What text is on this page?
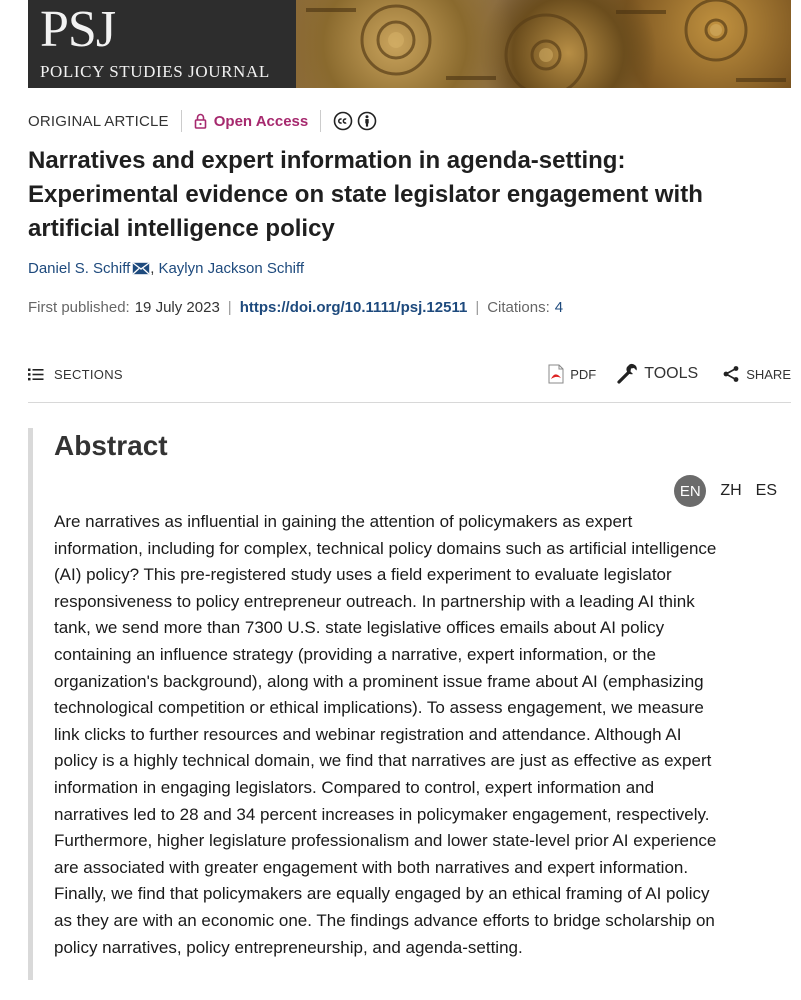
PSJ
POLICY STUDIES JOURNAL
ORIGINAL ARTICLE	Open Access
Narratives and expert information in agenda-setting: Experimental evidence on state legislator engagement with artificial intelligence policy
Daniel S. Schiff , Kaylyn Jackson Schiff
First published: 19 July 2023 | https://doi.org/10.1111/psj.12511 | Citations: 4
SECTIONS	PDF	TOOLS	SHARE
Abstract
EN	ZH ES
Are narratives as influential in gaining the attention of policymakers as expert
information, including for complex, technical policy domains such as artificial intelligence
(AI) policy? This pre-registered study uses a field experiment to evaluate legislator
responsiveness to policy entrepreneur outreach. In partnership with a leading AI think
tank, we send more than 7300 U.S. state legislative offices emails about AI policy
containing an influence strategy (providing a narrative, expert information, or the
organization's background), along with a prominent issue frame about AI (emphasizing
technological competition or ethical implications). To assess engagement, we measure
link clicks to further resources and webinar registration and attendance. Although AI
policy is a highly technical domain, we find that narratives are just as effective as expert
information in engaging legislators. Compared to control, expert information and
narratives led to 28 and 34 percent increases in policymaker engagement, respectively.
Furthermore, higher legislature professionalism and lower state-level prior AI experience
are associated with greater engagement with both narratives and expert information.
Finally, we find that policymakers are equally engaged by an ethical framing of AI policy
as they are with an economic one. The findings advance efforts to bridge scholarship on
policy narratives, policy entrepreneurship, and agenda-setting.
